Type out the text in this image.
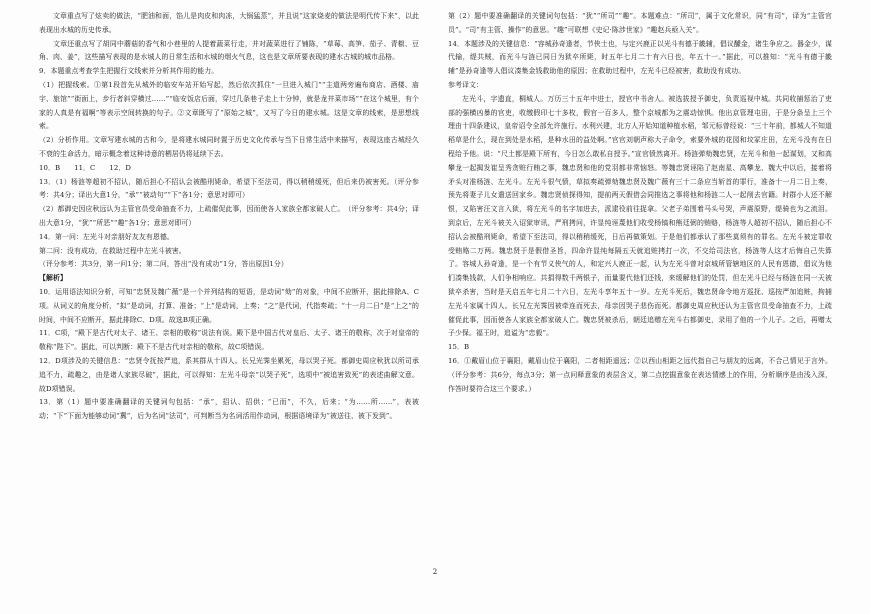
文章重点写了炫卖的做法，“肥油和面，馅儿是肉皮和肉冻，大锅猛蒸”，并且说“这家烧麦的做法是明代传下来”，以此表现出水城的历史传承。

文章还重点写了胡同中蘑菇的香气和小巷里的人提着蔬菜行走，并对蔬菜进行了铺陈，“草莓、高笋、茄子、青椒、豆角、肉、姜”，这些描写表现的是水城人的日常生活和水城的烟火气息，这也是文章所要表现的建水古城的城市品格。

9．本题重点考查学生把握行文线索并分析其作用的能力。

（1）把握线索。①第1段首先从城外的临安车站开始写起，然后依次抓住“一旦进入城门”“主道两旁遍布商店、酒楼、庙宇、旅馆”“街面上，步行者斜穿横过……”“临安饭店后面，穿过几条巷子走上十分钟，就是龙井菜市场”“在这个城里，有个家的人真是有福啊”等表示空间转换的句子。②文章既写了“原始之城”，又写了今日的建水城。这是文章的线索，是思想线索。

（2）分析作用。文章写建水城的古和今，是将建水城同时置于历史文化传承与当下日常生活中来描写，表现这座古城经久不衰的生命活力，暗示概念着这种诗意的栖居仍将延续下去。

10．B　　11．C　　12．D

13．（1）杨涟等超初不招认，随后担心不招认会被酷刑毙命，希望下至法司，得以稍稍缓死，但后来仍被害死。（评分参考：共4分；译出大意1分，“承”“被动句”“下”各1分；意思对即可）

（2）都御史因应秋远认为主管官员受命抽查不力，上疏催促此事，因而使各人家族全都家破人亡。　（评分参考：共4分；译出大意1分，“犹”“所恶”“趣”各1分；意思对即可）

14．第一问：左光斗对亲朋好友友有恩德。

第二问：没有成功，在救助过程中左光斗被害。

（评分参考：共3分，第一问1分；第二问，答出“没有成功”1分，答出原因1分）

【解析】

10．运用语法知识分析，可知“忠贤及魏广薇”是一个并列结构的短语，是动词“劾”的对象，中间不应断开，据此排除A、C项。从词义的角度分析，“拟”是动词，打算、准备；“上”是动词，上奏；“之”是代词，代指奏疏；“十一月二日”是“上之”的时间，中间不应断开，据此排除C、D项。故选B项正确。

11．C项，“殿下是古代对太子、诸王、亲相的敬称”说法有误。殿下是中国古代对皇后、太子、诸王的敬称，次于对皇帝的敬称“陛下”。据此，可以判断：殿下不是古代对亲相的敬称，故C项错误。

12．D项涉及的关键信息：“忠贤令抚按严追，系其群从十四人。长兄光霁坐累死，母以哭子死。都御史周应秋犹以所司承追不力，疏趣之，由是诸人家族尽破”，据此，可以得知：左光斗母亲“以哭子死”，选项中“被追害致死”的表述曲解文意。故D项错误。

13．第（1）题中要准确翻译的关键词句包括：“承”，招认、招供；“已而”，不久，后来；“为……所……”，表被动；“下”下面为能够动词“冀”，后为名词“法司”，可判断当为名词活用作动词，根据语境译为“被送往、被下发到”。

第（2）题中要准确翻译的关键词句包括：“犹”“所司”“趣”。本题难点：“所司”，属于文化常识，同“有司”，译为“主管官员”。“司”有主管、操作”的意思。“趣”可联想《史记·陈涉世家》“趣赵兵亟入关”。

14．本题涉及的关键信息：“容城孙奇逢者，节侠士也，与定兴鹿正以光斗有德于畿辅，倡议醵金，诸生争应之。器金少，谋代输，缇共贼，而光斗与涟已同日为狱卒所毙，时五年七月二十有六日也，年五十一。”据此，可以推知：“光斗有德于畿辅”是孙奇逢等人倡议凑集金钱救助他的原因；在救助过程中，左光斗已经被害，救助没有成功。

参考译文：

左光斗，字遗直，桐城人。万历三十五年中进士，授官中书舍人。被选拔授予御史，负责巡视中城。共同收捕惩治了吏部的强横凶暴的官吏，收缴假印七十多枚，假官一百多人，整个京城都为之震动惊惧。他出京管理屯田，于是分条呈上三个理由十四条建议，皇帝诏令全部允许施行。水利兴建，北方人开始知道种植水稻，邹元标曾经说：“三十年前，都城人不知道稻草是什么，现在到处是水稻，是种水田的益处啊。”官官刘朝声称大子命令，索要外城的花园和坟冢庄田，左光斗没有在日程给予他。说：“尺土都是殿下所有，今日怎么敢私自授予。”宣官愤然离开。杨涟弹劾魏忠贤，左光斗和他一起谋划，又和高攀龙一起揭发崔呈秀贪赃行贿之事，魏忠贤和他的党羽都非常恼怒。等魏忠贤诬陷了赵南星、高攀龙、魏大中以后，接着将矛头对准杨涟、左光斗。左光斗很气愤，草拟奏疏弹劾魏忠贤及魏广薇有三十二条应当斩首的罪行，准备十一月二日上奏，预先将妻子儿女遣送回家乡。魏忠贤侦探得知，提前两天假借会同推选之事将他和杨涟二人一起削去官籍。时群小人还不解恨，又陷害汪文言入狱，将左光斗的名字加进去，派逮役前往捉拿。父老子弟围着马头号哭，声震原野，缇骑也为之流泪。到京后，左光斗被关入诏狱审讯，严刑拷问，许显纯诬蔑他们收受杨镐和熊廷弼的贿赂，杨涟等人超初不招认，随后担心不招认会被酷刑毙命，希望下至法司，得以稍稍缓死，日后再做策划。于是他们都承认了那些莫须有的罪名。左光斗被定罪收受贿赂二万两。魏忠贤于是假借圣旨，四命许显纯每隔五天就追赃拷打一次，不交给司法官，杨涟等人这才后悔自己失算了。容城人孙奇逢，是一个有节义侠气的人，和定兴人鹿正一起，认为左光斗曾对京城所管辖地区的人民有恩德，倡议为他们凑集钱款，人们争相响应。共捐得数千两银子，而量要代他们还钱，来缓解他们的处罚，但左光斗已经与杨涟在同一天被狱卒杀害，当时是天启五年七月二十六日，左光斗享年五十一岁。左光斗死后，魏忠贤命令地方巡抚、巡按严加追赃，拘捕左光斗家属十四人。长兄左光霁因被牵连而死去，母亲因哭子悲伤而死。都御史周应秋还认为主管官员受命抽查不力，上疏催促此事，因而使各人家族全都家破人亡。魏忠贤被杀后，朝廷追赠左光斗右都御史，录用了他的一个儿子。之后，再赠太子少保。福王时，追谥为“忠毅”。

15．B

16．①戴眉山位于襄阳，戴眉山位于襄阳，二者相距遥远；②以西山相距之远代指自己与朋友的远离，不合己情见于言外。（评分参考：共6分，每点3分；第一点问释意象的表层含义，第二点挖掘意象在表达情感上的作用，分析顺序是由浅入深，作答时要符合这三个要求。）

2
